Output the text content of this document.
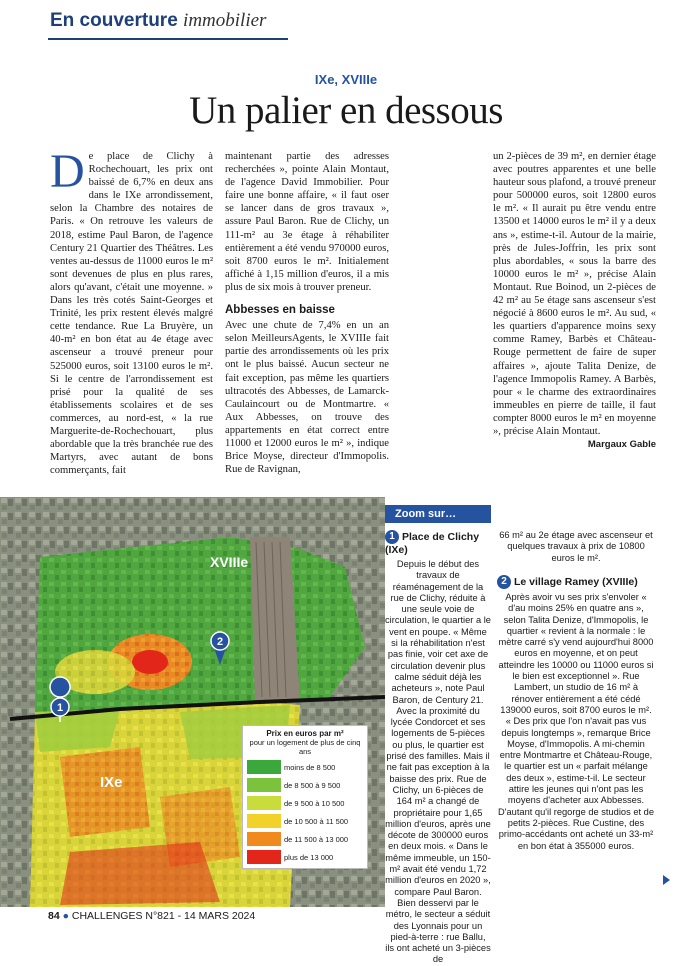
En couverture immobilier
IXe, XVIIIe
Un palier en dessous
D e place de Clichy à Rochechouart, les prix ont baissé de 6,7% en deux ans dans le IXe arrondissement, selon la Chambre des notaires de Paris. « On retrouve les valeurs de 2018, estime Paul Baron, de l'agence Century 21 Quartier des Théâtres. Les ventes au-dessus de 11000 euros le m² sont devenues de plus en plus rares, alors qu'avant, c'était une moyenne. » Dans les très cotés Saint-Georges et Trinité, les prix restent élevés malgré cette tendance. Rue La Bruyère, un 40-m² en bon état au 4e étage avec ascenseur a trouvé preneur pour 525000 euros, soit 13100 euros le m². Si le centre de l'arrondissement est prisé pour la qualité de ses établissements scolaires et de ses commerces, au nord-est, « la rue Marguerite-de-Rochechouart, plus abordable que la très branchée rue des Martyrs, avec autant de bons commerçants, fait

maintenant partie des adresses recherchées », pointe Alain Montaut, de l'agence David Immobilier. Pour faire une bonne affaire, « il faut oser se lancer dans de gros travaux », assure Paul Baron. Rue de Clichy, un 111-m² au 3e étage à réhabiliter entièrement a été vendu 970000 euros, soit 8700 euros le m². Initialement affiché à 1,15 million d'euros, il a mis plus de six mois à trouver preneur.

Abbesses en baisse

Avec une chute de 7,4% en un an selon MeilleursAgents, le XVIIIe fait partie des arrondissements où les prix ont le plus baissé. Aucun secteur ne fait exception, pas même les quartiers ultracotés des Abbesses, de Lamarck-Caulaincourt ou de Montmartre. « Aux Abbesses, on trouve des appartements en état correct entre 11000 et 12000 euros le m² », indique Brice Moyse, directeur d'Immopolis. Rue de Ravignan,

un 2-pièces de 39 m², en dernier étage avec poutres apparentes et une belle hauteur sous plafond, a trouvé preneur pour 500000 euros, soit 12800 euros le m². « Il aurait pu être vendu entre 13500 et 14000 euros le m² il y a deux ans », estime-t-il. Autour de la mairie, près de Jules-Joffrin, les prix sont plus abordables, « sous la barre des 10000 euros le m² », précise Alain Montaut. Rue Boinod, un 2-pièces de 42 m² au 5e étage sans ascenseur s'est négocié à 8600 euros le m². Au sud, « les quartiers d'apparence moins sexy comme Ramey, Barbès et Château-Rouge permettent de faire de super affaires », ajoute Talita Denize, de l'agence Immopolis Ramey. A Barbès, pour « le charme des extraordinaires immeubles en pierre de taille, il faut compter 8000 euros le m² en moyenne », précise Alain Montaut.

Margaux Gable
XVIIIe
IXe
1
2
Prix en euros par m²
pour un logement de plus de cinq ans
moins de 8 500
de 8 500 à 9 500
de 9 500 à 10 500
de 10 500 à 11 500
de 11 500 à 13 000
plus de 13 000
Zoom sur…
1 Place de Clichy (IXe)
Depuis le début des travaux de réaménagement de la rue de Clichy, réduite à une seule voie de circulation, le quartier a le vent en poupe. « Même si la réhabilitation n'est pas finie, voir cet axe de circulation devenir plus calme séduit déjà les acheteurs », note Paul Baron, de Century 21. Avec la proximité du lycée Condorcet et ses logements de 5-pièces ou plus, le quartier est prisé des familles. Mais il ne fait pas exception à la baisse des prix. Rue de Clichy, un 6-pièces de 164 m² a changé de propriétaire pour 1,65 million d'euros, après une décote de 300000 euros en deux mois. « Dans le même immeuble, un 150-m² avait été vendu 1,72 million d'euros en 2020 », compare Paul Baron. Bien desservi par le métro, le secteur a séduit des Lyonnais pour un pied-à-terre : rue Ballu, ils ont acheté un 3-pièces de
66 m² au 2e étage avec ascenseur et quelques travaux à prix de 10800 euros le m².
2 Le village Ramey (XVIIIe)
Après avoir vu ses prix s'envoler « d'au moins 25% en quatre ans », selon Talita Denize, d'Immopolis, le quartier « revient à la normale : le mètre carré s'y vend aujourd'hui 8000 euros en moyenne, et on peut atteindre les 10000 ou 11000 euros si le bien est exceptionnel ». Rue Lambert, un studio de 16 m² à rénover entièrement a été cédé 139000 euros, soit 8700 euros le m². « Des prix que l'on n'avait pas vus depuis longtemps », remarque Brice Moyse, d'Immopolis. A mi-chemin entre Montmartre et Château-Rouge, le quartier est un « parfait mélange des deux », estime-t-il. Le secteur attire les jeunes qui n'ont pas les moyens d'acheter aux Abbesses. D'autant qu'il regorge de studios et de petits 2-pièces. Rue Custine, des primo-accédants ont acheté un 33-m² en bon état à 355000 euros.
84 ● CHALLENGES N°821 - 14 MARS 2024
